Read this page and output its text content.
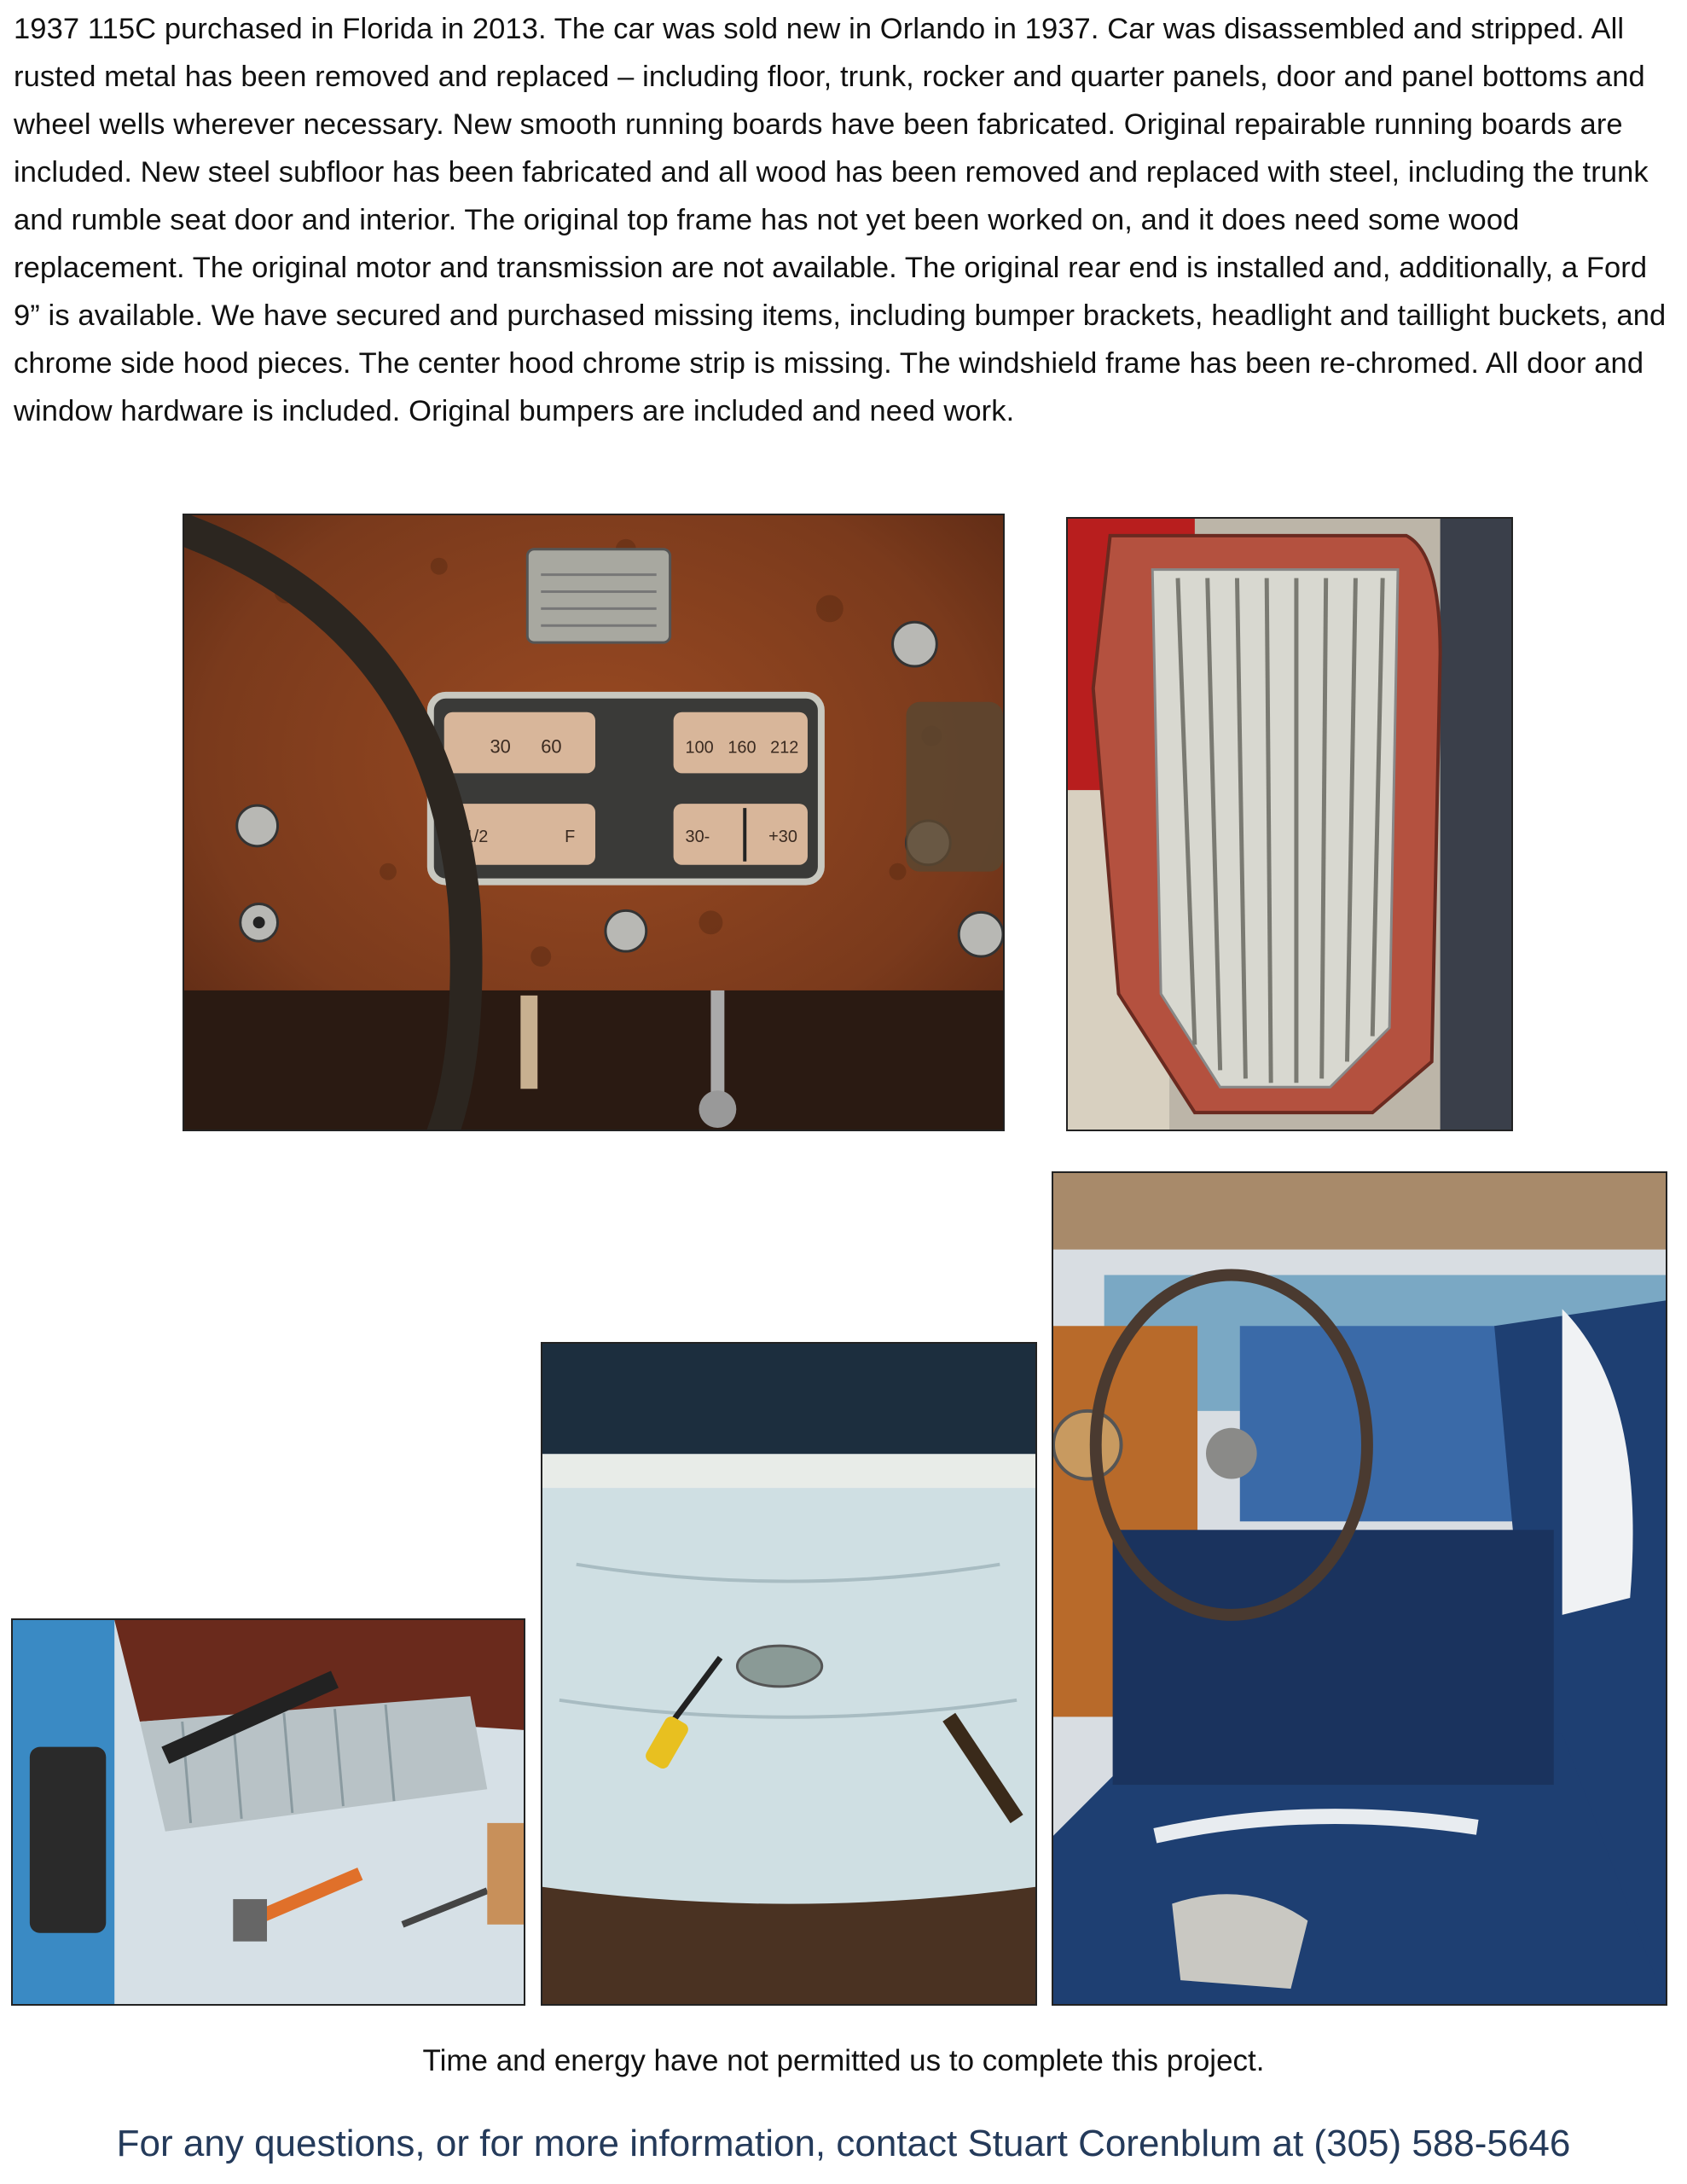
1937 115C purchased in Florida in 2013. The car was sold new in Orlando in 1937. Car was disassembled and stripped. All rusted metal has been removed and replaced – including floor, trunk, rocker and quarter panels, door and panel bottoms and wheel wells wherever necessary. New smooth running boards have been fabricated. Original repairable running boards are included. New steel subfloor has been fabricated and all wood has been removed and replaced with steel, including the trunk and rumble seat door and interior. The original top frame has not yet been worked on, and it does need some wood replacement. The original motor and transmission are not available. The original rear end is installed and, additionally, a Ford 9” is available. We have secured and purchased missing items, including bumper brackets, headlight and taillight buckets, and chrome side hood pieces. The center hood chrome strip is missing. The windshield frame has been re-chromed. All door and window hardware is included. Original bumpers are included and need work.

30 60
1/2	F
100 160 212
30-	+30

Time and energy have not permitted us to complete this project.

For any questions, or for more information, contact Stuart Corenblum at (305) 588-5646
